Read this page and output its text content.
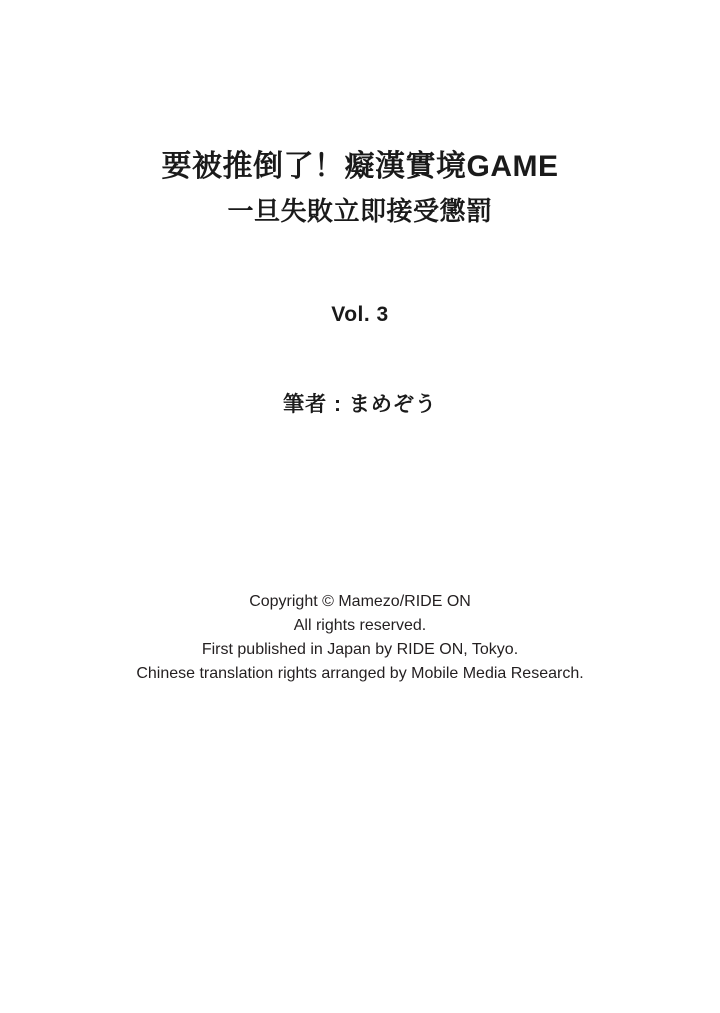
要被推倒了！癡漢實境GAME
一旦失敗立即接受懲罰
Vol. 3
筆者 : まめぞう
Copyright © Mamezo/RIDE ON
All rights reserved.
First published in Japan by RIDE ON, Tokyo.
Chinese translation rights arranged by Mobile Media Research.
